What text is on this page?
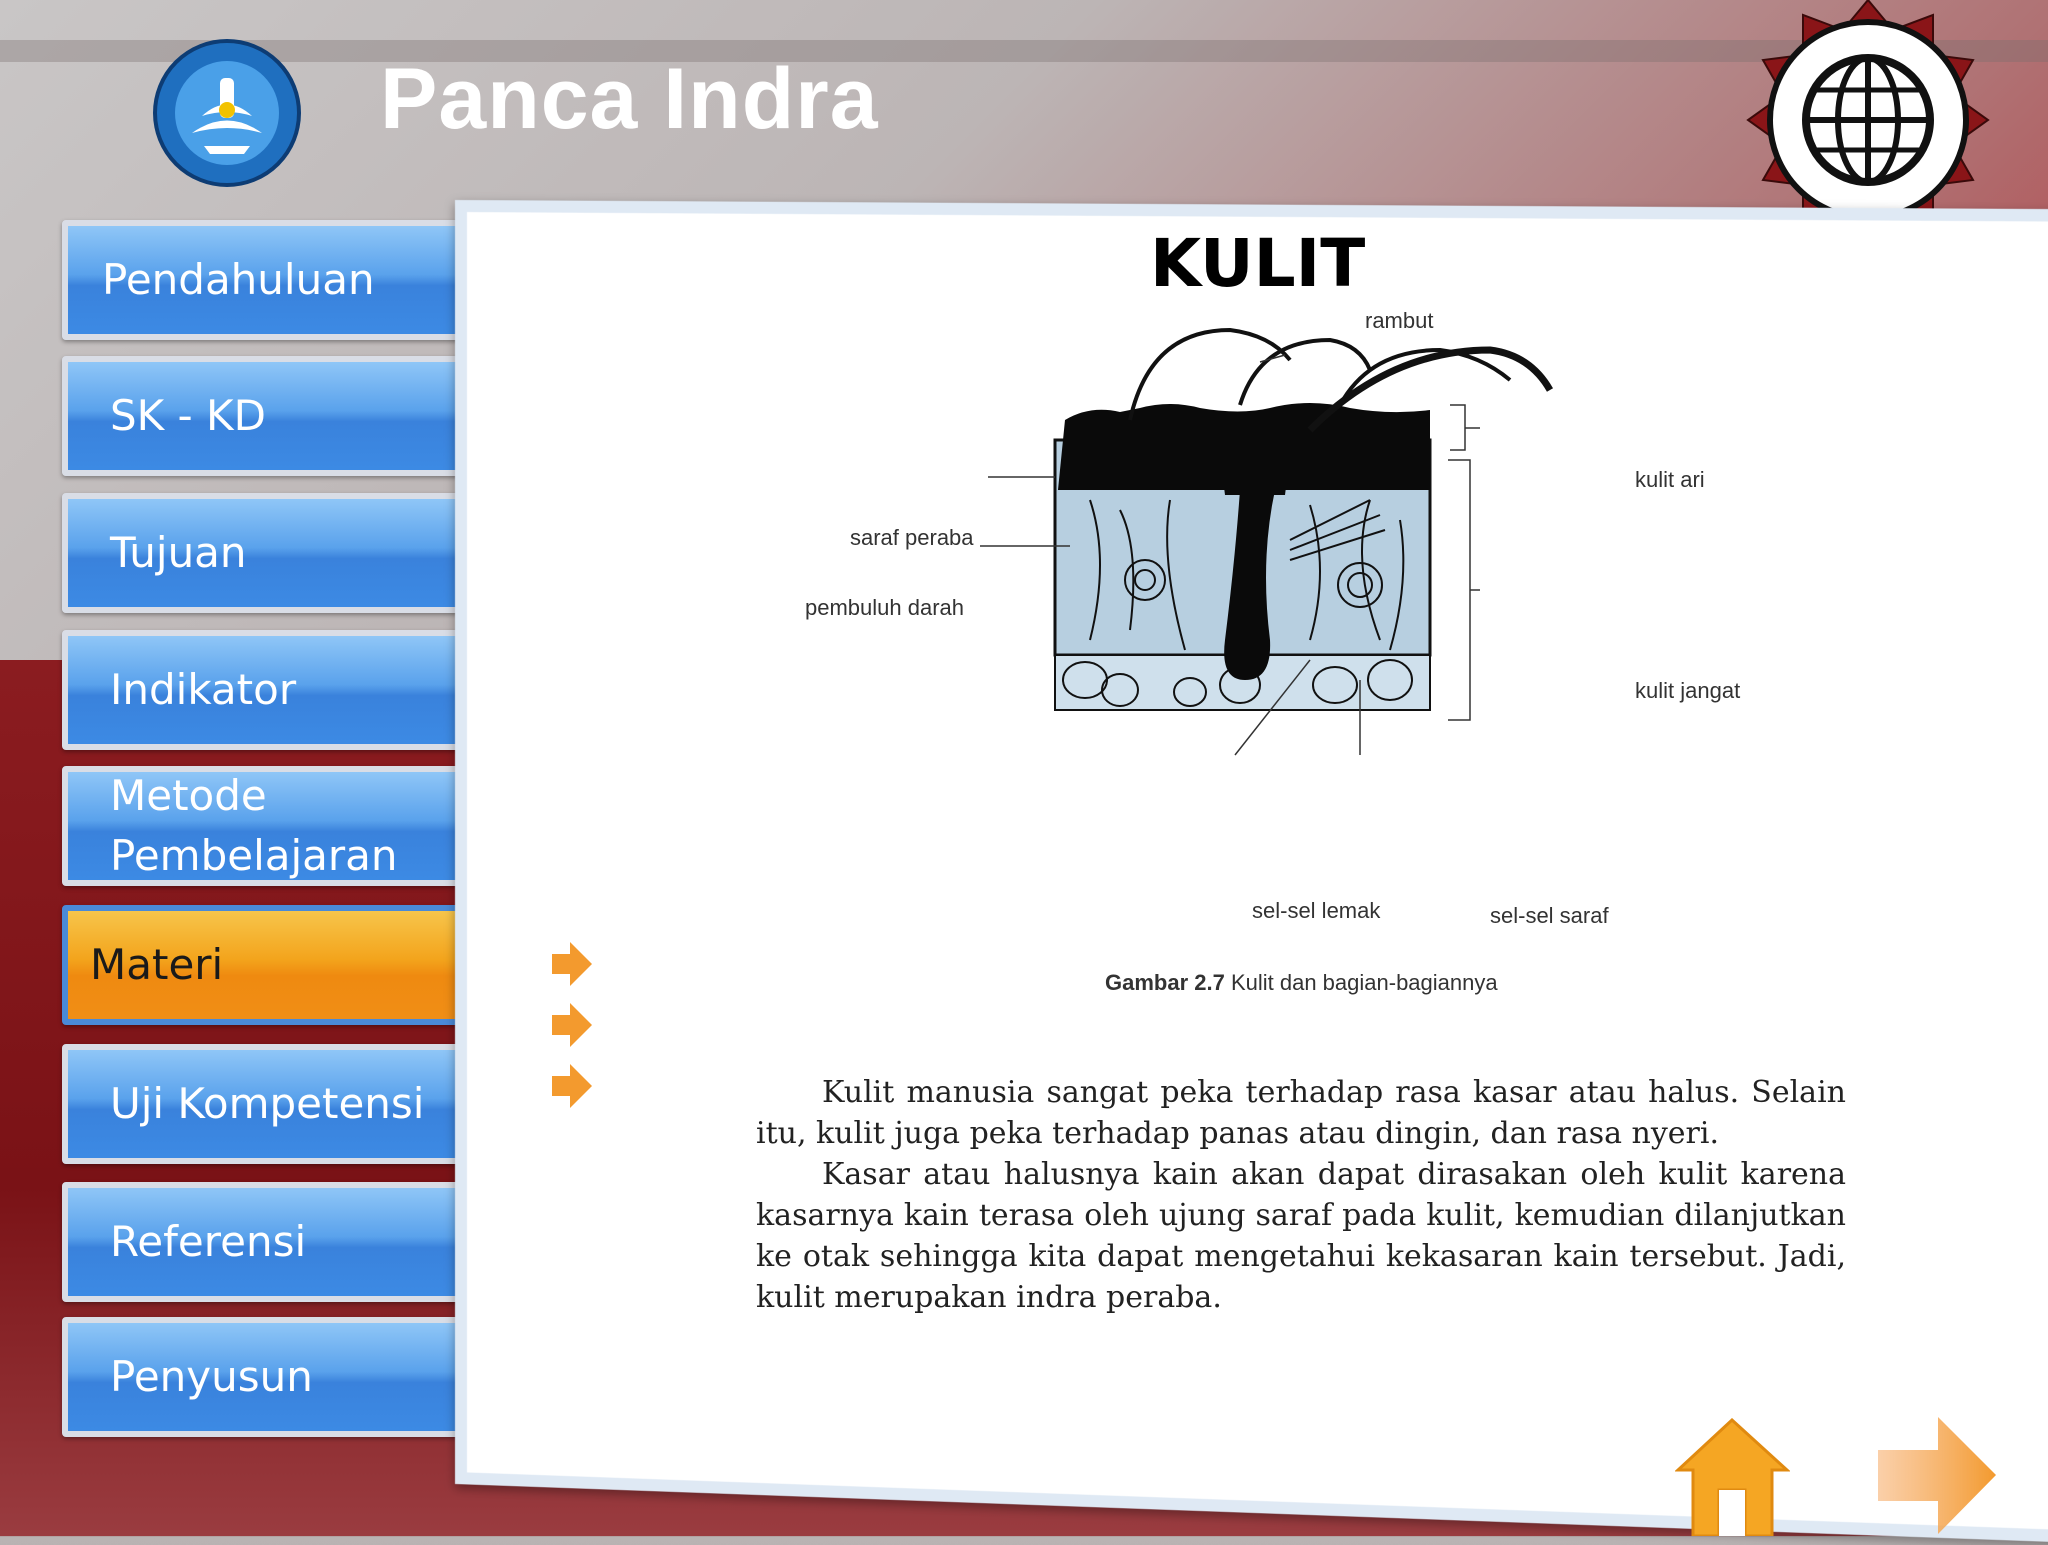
Panca Indra
Pendahuluan
SK - KD
Tujuan
Indikator
Metode Pembelajaran
Materi
Uji Kompetensi
Referensi
Penyusun
KULIT
rambut
kulit ari
saraf peraba
pembuluh darah
kulit jangat
sel-sel lemak	sel-sel saraf
Gambar 2.7 Kulit dan bagian-bagiannya

Kulit manusia sangat peka terhadap rasa kasar atau halus. Selain itu, kulit juga peka terhadap panas atau dingin, dan rasa nyeri.

Kasar atau halusnya kain akan dapat dirasakan oleh kulit karena kasarnya kain terasa oleh ujung saraf pada kulit, kemudian dilanjutkan ke otak sehingga kita dapat mengetahui kekasaran kain tersebut. Jadi, kulit merupakan indra peraba.
